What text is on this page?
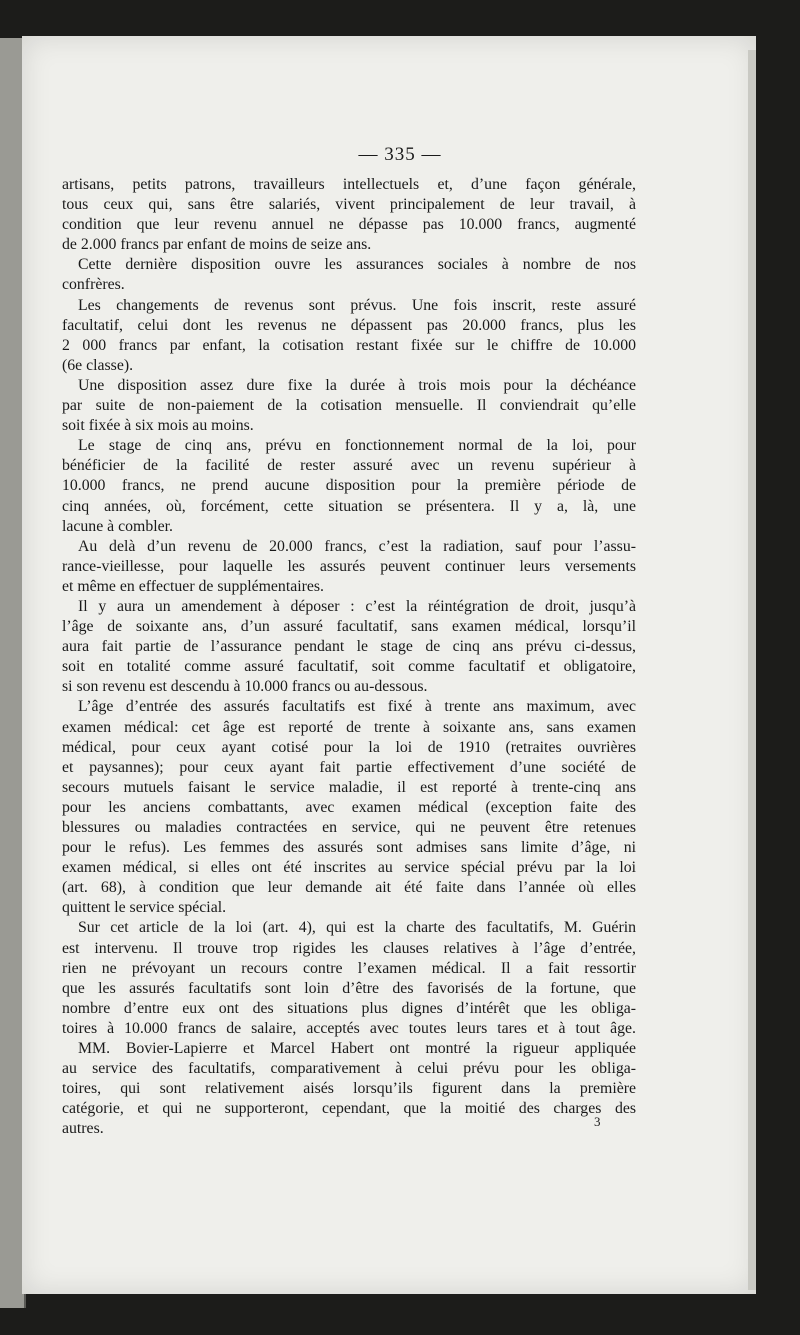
— 335 —
artisans, petits patrons, travailleurs intellectuels et, d’une façon générale,
tous ceux qui, sans être salariés, vivent principalement de leur travail, à
condition que leur revenu annuel ne dépasse pas 10.000 francs, augmenté
de 2.000 francs par enfant de moins de seize ans.
Cette dernière disposition ouvre les assurances sociales à nombre de nos
confrères.
Les changements de revenus sont prévus. Une fois inscrit, reste assuré
facultatif, celui dont les revenus ne dépassent pas 20.000 francs, plus les
2 000 francs par enfant, la cotisation restant fixée sur le chiffre de 10.000
(6e classe).
Une disposition assez dure fixe la durée à trois mois pour la déchéance
par suite de non-paiement de la cotisation mensuelle. Il conviendrait qu’elle
soit fixée à six mois au moins.
Le stage de cinq ans, prévu en fonctionnement normal de la loi, pour
bénéficier de la facilité de rester assuré avec un revenu supérieur à
10.000 francs, ne prend aucune disposition pour la première période de
cinq années, où, forcément, cette situation se présentera. Il y a, là, une
lacune à combler.
Au delà d’un revenu de 20.000 francs, c’est la radiation, sauf pour l’assu-
rance-vieillesse, pour laquelle les assurés peuvent continuer leurs versements
et même en effectuer de supplémentaires.
Il y aura un amendement à déposer : c’est la réintégration de droit, jusqu’à
l’âge de soixante ans, d’un assuré facultatif, sans examen médical, lorsqu’il
aura fait partie de l’assurance pendant le stage de cinq ans prévu ci-dessus,
soit en totalité comme assuré facultatif, soit comme facultatif et obligatoire,
si son revenu est descendu à 10.000 francs ou au-dessous.
L’âge d’entrée des assurés facultatifs est fixé à trente ans maximum, avec
examen médical: cet âge est reporté de trente à soixante ans, sans examen
médical, pour ceux ayant cotisé pour la loi de 1910 (retraites ouvrières
et paysannes); pour ceux ayant fait partie effectivement d’une société de
secours mutuels faisant le service maladie, il est reporté à trente-cinq ans
pour les anciens combattants, avec examen médical (exception faite des
blessures ou maladies contractées en service, qui ne peuvent être retenues
pour le refus). Les femmes des assurés sont admises sans limite d’âge, ni
examen médical, si elles ont été inscrites au service spécial prévu par la loi
(art. 68), à condition que leur demande ait été faite dans l’année où elles
quittent le service spécial.
Sur cet article de la loi (art. 4), qui est la charte des facultatifs, M. Guérin
est intervenu. Il trouve trop rigides les clauses relatives à l’âge d’entrée,
rien ne prévoyant un recours contre l’examen médical. Il a fait ressortir
que les assurés facultatifs sont loin d’être des favorisés de la fortune, que
nombre d’entre eux ont des situations plus dignes d’intérêt que les obliga-
toires à 10.000 francs de salaire, acceptés avec toutes leurs tares et à tout âge.
MM. Bovier-Lapierre et Marcel Habert ont montré la rigueur appliquée
au service des facultatifs, comparativement à celui prévu pour les obliga-
toires, qui sont relativement aisés lorsqu’ils figurent dans la première
catégorie, et qui ne supporteront, cependant, que la moitié des charges des
autres.	3
